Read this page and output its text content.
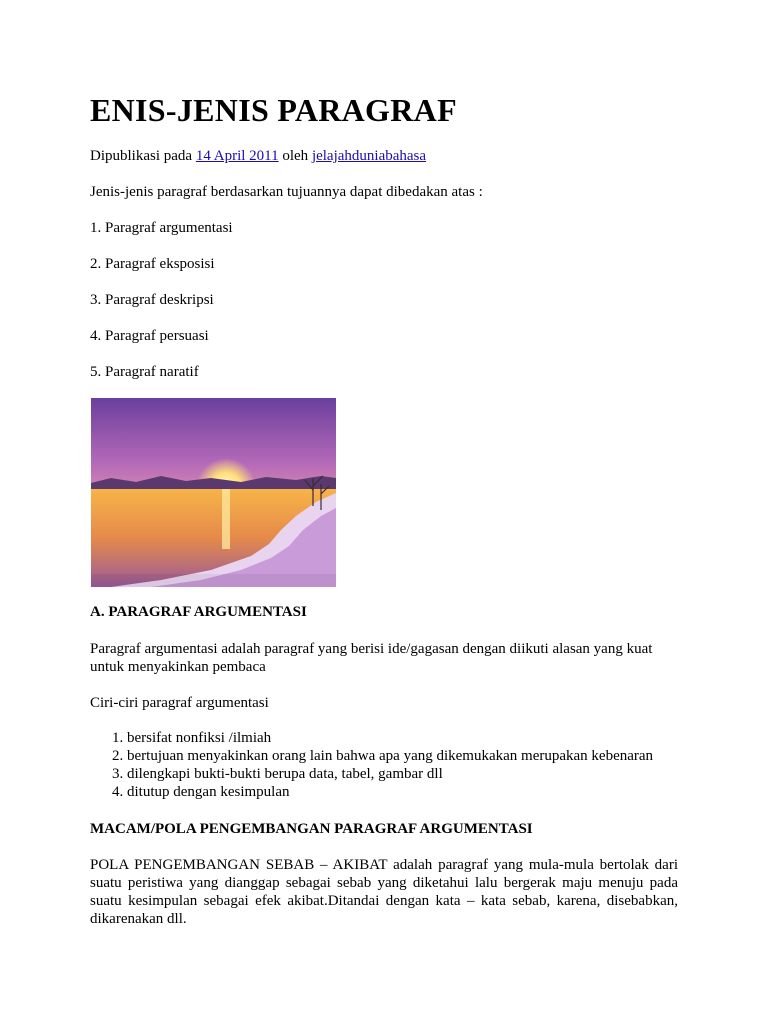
ENIS-JENIS PARAGRAF
Dipublikasi pada 14 April 2011 oleh jelajahduniabahasa
Jenis-jenis paragraf berdasarkan tujuannya dapat dibedakan atas :
1. Paragraf argumentasi
2. Paragraf eksposisi
3. Paragraf deskripsi
4. Paragraf persuasi
5. Paragraf naratif
A. PARAGRAF ARGUMENTASI
Paragraf argumentasi adalah paragraf yang berisi ide/gagasan dengan diikuti alasan yang kuat untuk menyakinkan pembaca
Ciri-ciri paragraf argumentasi
1. bersifat nonfiksi /ilmiah
2. bertujuan menyakinkan orang lain bahwa apa yang dikemukakan merupakan kebenaran
3. dilengkapi bukti-bukti berupa data, tabel, gambar dll
4. ditutup dengan kesimpulan
MACAM/POLA PENGEMBANGAN PARAGRAF ARGUMENTASI
POLA PENGEMBANGAN SEBAB – AKIBAT adalah paragraf yang mula-mula bertolak dari suatu peristiwa yang dianggap sebagai sebab yang diketahui lalu bergerak maju menuju pada suatu kesimpulan sebagai efek akibat.Ditandai dengan kata – kata sebab, karena, disebabkan, dikarenakan dll.
